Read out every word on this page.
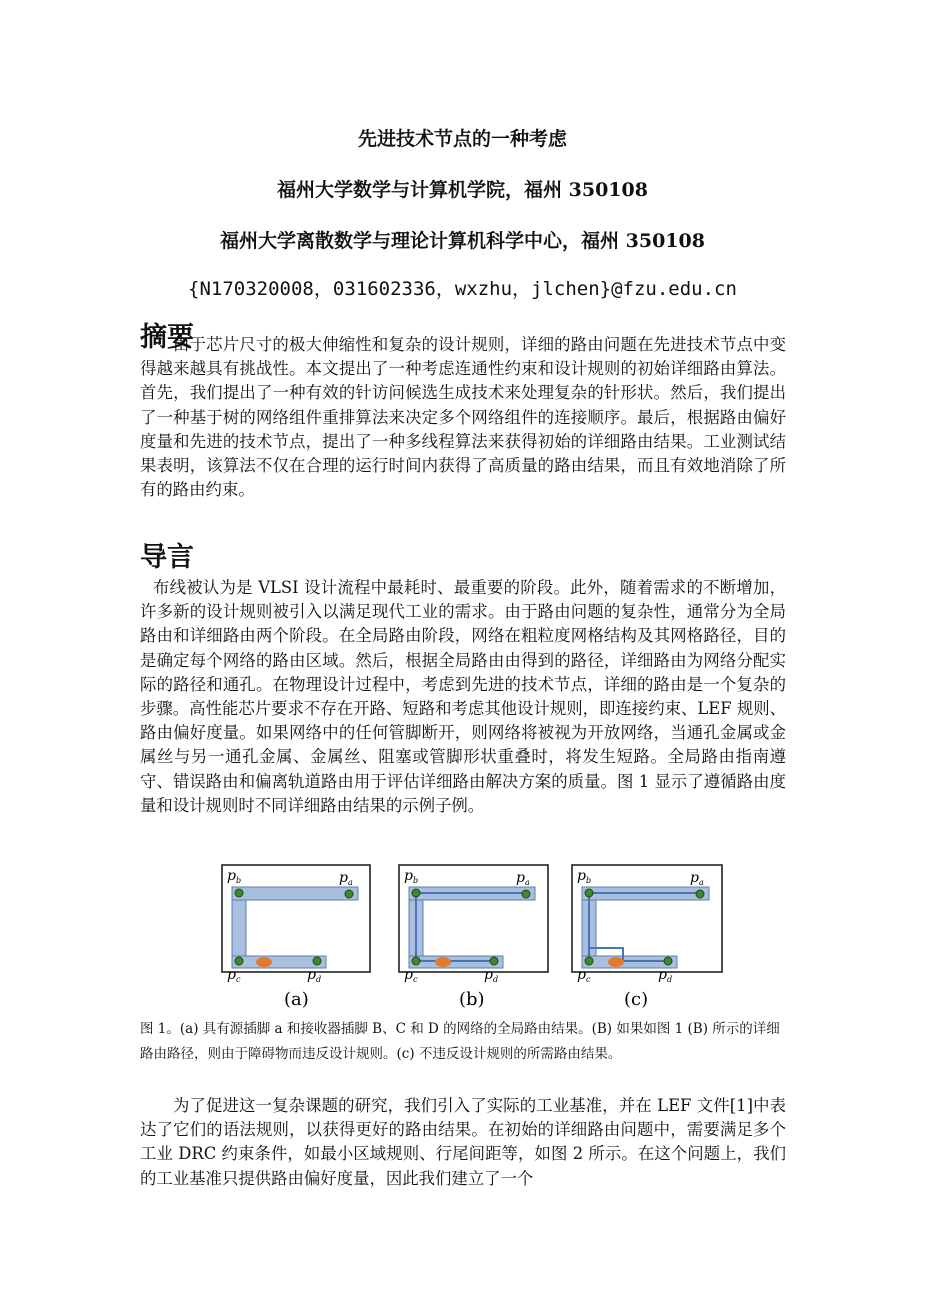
先进技术节点的一种考虑
福州大学数学与计算机学院，福州 350108
福州大学离散数学与理论计算机科学中心，福州 350108
{N170320008，031602336，wxzhu，jlchen}@fzu.edu.cn
摘要

由于芯片尺寸的极大伸缩性和复杂的设计规则，详细的路由问题在先进技术节点中变得越来越具有挑战性。本文提出了一种考虑连通性约束和设计规则的初始详细路由算法。首先，我们提出了一种有效的针访问候选生成技术来处理复杂的针形状。然后，我们提出了一种基于树的网络组件重排算法来决定多个网络组件的连接顺序。最后，根据路由偏好度量和先进的技术节点，提出了一种多线程算法来获得初始的详细路由结果。工业测试结果表明，该算法不仅在合理的运行时间内获得了高质量的路由结果，而且有效地消除了所有的路由约束。

导言

布线被认为是 VLSI 设计流程中最耗时、最重要的阶段。此外，随着需求的不断增加，许多新的设计规则被引入以满足现代工业的需求。由于路由问题的复杂性，通常分为全局路由和详细路由两个阶段。在全局路由阶段，网络在粗粒度网格结构及其网格路径，目的是确定每个网络的路由区域。然后，根据全局路由由得到的路径，详细路由为网络分配实际的路径和通孔。在物理设计过程中，考虑到先进的技术节点，详细的路由是一个复杂的步骤。高性能芯片要求不存在开路、短路和考虑其他设计规则，即连接约束、LEF 规则、路由偏好度量。如果网络中的任何管脚断开，则网络将被视为开放网络，当通孔金属或金属丝与另一通孔金属、金属丝、阻塞或管脚形状重叠时，将发生短路。全局路由指南遵守、错误路由和偏离轨道路由用于评估详细路由解决方案的质量。图 1 显示了遵循路由度量和设计规则时不同详细路由结果的示例子例。

$p_b$	$p_a$
$p_c$	$p_d$
(a)
$p_b$	$p_a$
$p_c$	$p_d$
(b)
$p_b$	$p_a$
$p_c$	$p_d$
(c)

图 1。(a) 具有源插脚 a 和接收器插脚 B、C 和 D 的网络的全局路由结果。(B) 如果如图 1 (B) 所示的详细路由路径，则由于障碍物而违反设计规则。(c) 不违反设计规则的所需路由结果。

为了促进这一复杂课题的研究，我们引入了实际的工业基准，并在 LEF 文件[1]中表达了它们的语法规则，以获得更好的路由结果。在初始的详细路由问题中，需要满足多个工业 DRC 约束条件，如最小区域规则、行尾间距等，如图 2 所示。在这个问题上，我们的工业基准只提供路由偏好度量，因此我们建立了一个
